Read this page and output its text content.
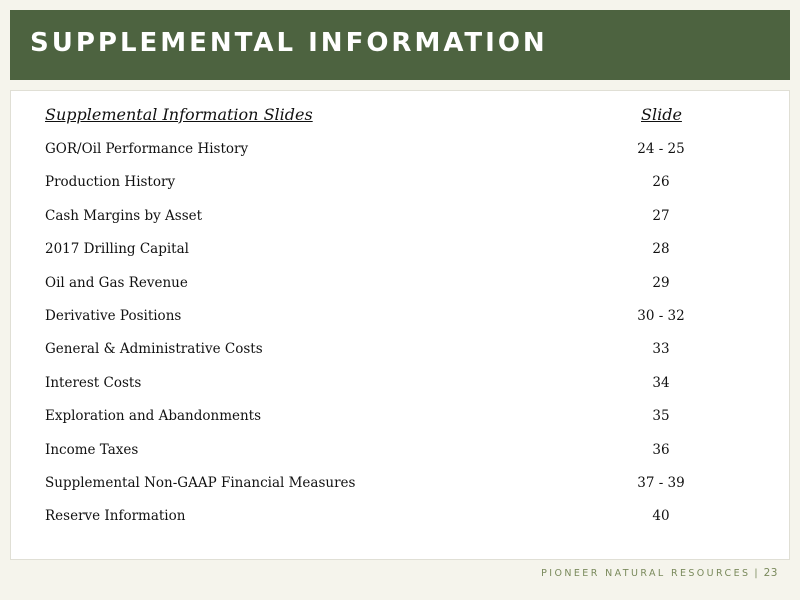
SUPPLEMENTAL INFORMATION
Supplemental Information Slides	Slide
GOR/Oil Performance History	24 - 25
Production History	26
Cash Margins by Asset	27
2017 Drilling Capital	28
Oil and Gas Revenue	29
Derivative Positions	30 - 32
General & Administrative Costs	33
Interest Costs	34
Exploration and Abandonments	35
Income Taxes	36
Supplemental Non-GAAP Financial Measures	37 - 39
Reserve Information	40
PIONEER NATURAL RESOURCES | 23
